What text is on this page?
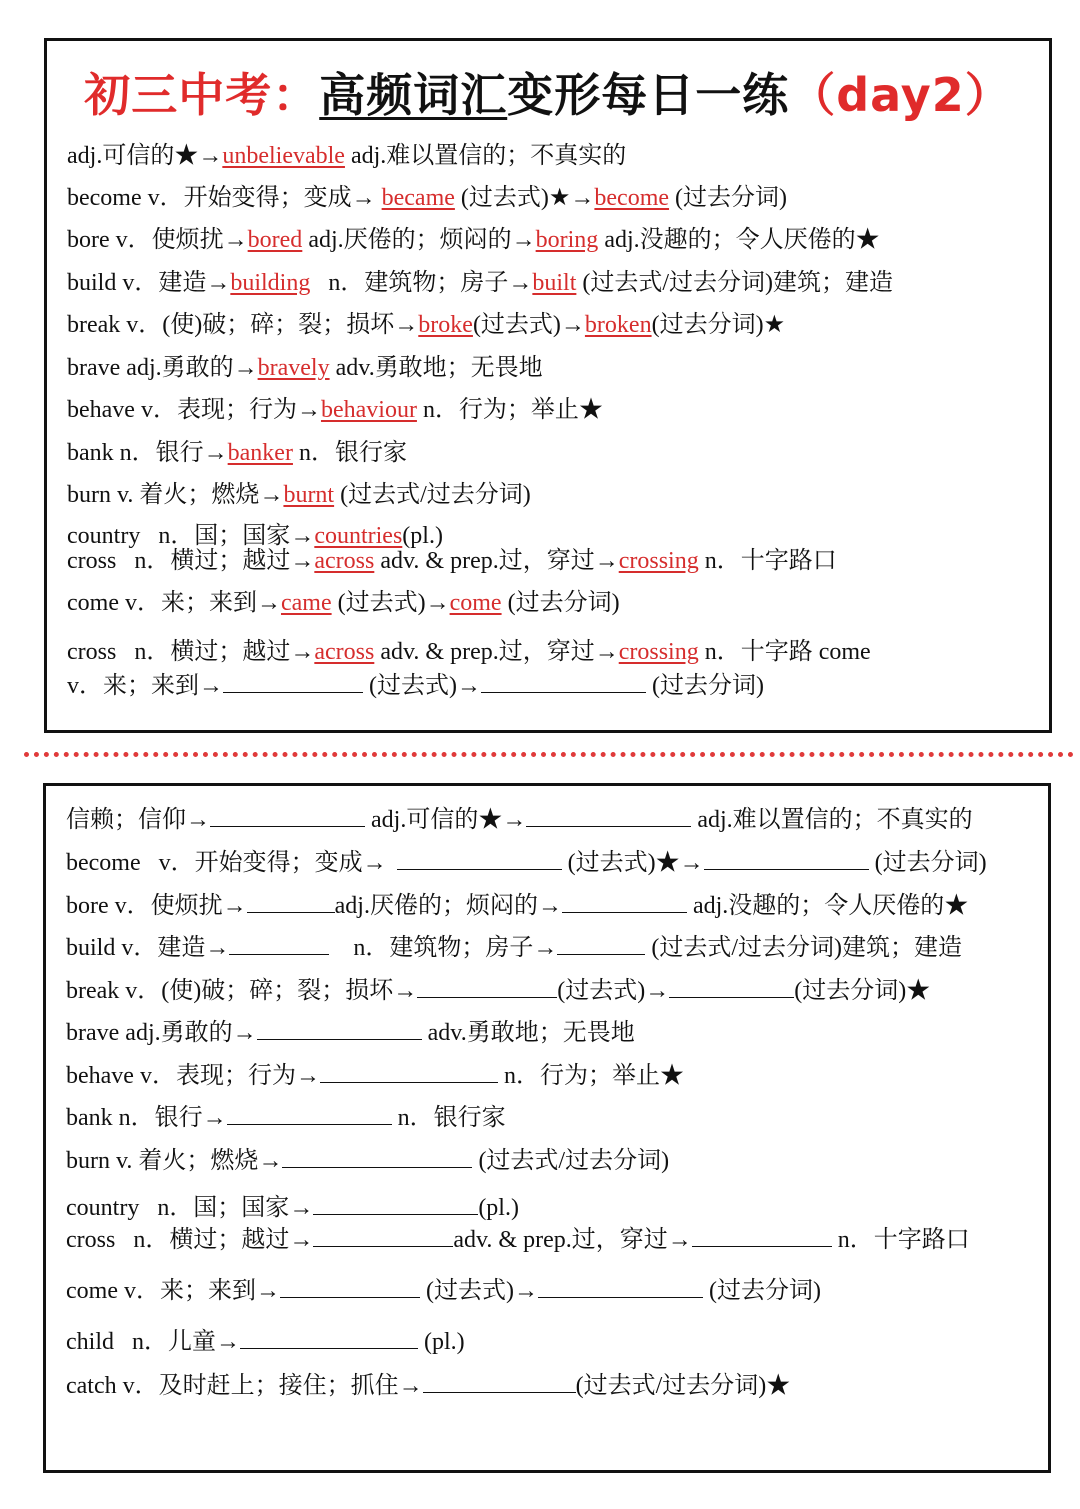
初三中考：高频词汇变形每日一练（day2）
adj.可信的★→unbelievable adj.难以置信的；不真实的
become v．开始变得；变成→ became (过去式)★→become (过去分词)
bore v．使烦扰→bored adj.厌倦的；烦闷的→boring adj.没趣的；令人厌倦的★
build v．建造→building   n．建筑物；房子→built (过去式/过去分词)建筑；建造
break v．(使)破；碎；裂；损坏→broke(过去式)→broken(过去分词)★
brave adj.勇敢的→bravely adv.勇敢地；无畏地
behave v．表现；行为→behaviour n．行为；举止★
bank n．银行→banker n．银行家
burn v. 着火；燃烧→burnt (过去式/过去分词)
country   n．国；国家→countries(pl.)
cross   n．横过；越过→across adv. & prep.过，穿过→crossing n．十字路口
come v．来；来到→came (过去式)→come (过去分词)
cross   n．横过；越过→across adv. & prep.过，穿过→crossing n．十字路 come
v．来；来到→	(过去式)→	(过去分词)
信赖；信仰→	adj.可信的★→	adj.难以置信的；不真实的
become   v．开始变得；变成→	(过去式)★→	(过去分词)
bore v．使烦扰→	adj.厌倦的；烦闷的→	adj.没趣的；令人厌倦的★
build v．建造→	n．建筑物；房子→	(过去式/过去分词)建筑；建造
break v．(使)破；碎；裂；损坏→	(过去式)→	(过去分词)★
brave adj.勇敢的→	adv.勇敢地；无畏地
behave v．表现；行为→	n．行为；举止★
bank n．银行→	n．银行家
burn v. 着火；燃烧→	(过去式/过去分词)
country   n．国；国家→	(pl.)
cross   n．横过；越过→	adv. & prep.过，穿过→	n．十字路口
come v．来；来到→	(过去式)→	(过去分词)
child   n．儿童→	(pl.)
catch v．及时赶上；接住；抓住→	(过去式/过去分词)★
